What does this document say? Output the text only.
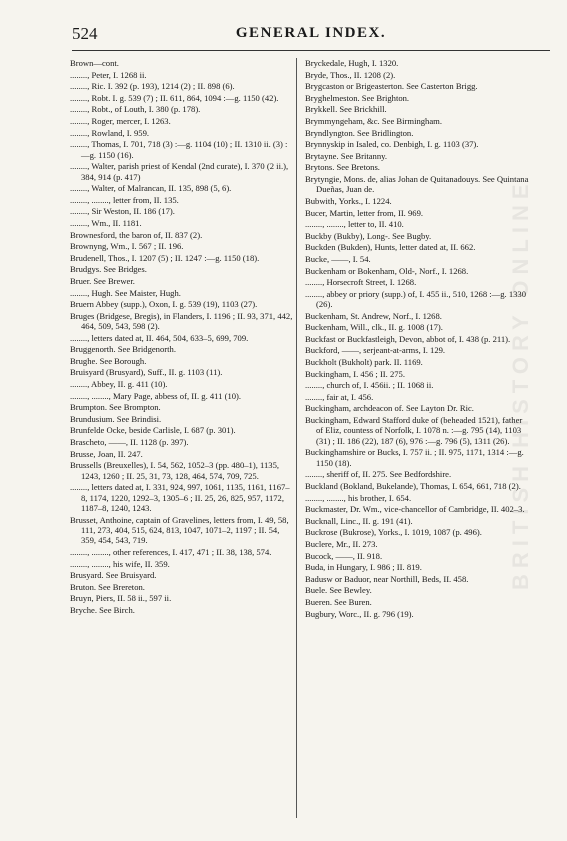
524	GENERAL INDEX.

Brown—cont.

........, Peter, I. 1268 ii.

........, Ric. I. 392 (p. 193), 1214 (2) ; II. 898 (6).

........, Robt. I. g. 539 (7) ; II. 611, 864, 1094 :—g. 1150 (42).

........, Robt., of Louth, I. 380 (p. 178).

........, Roger, mercer, I. 1263.

........, Rowland, I. 959.

........, Thomas, I. 701, 718 (3) :—g. 1104 (10) ; II. 1310 ii. (3) :—g. 1150 (16).

........, Walter, parish priest of Kendal (2nd curate), I. 370 (2 ii.), 384, 914 (p. 417)

........, Walter, of Malrancan, II. 135, 898 (5, 6).

........, ........, letter from, II. 135.

........, Sir Weston, II. 186 (17).

........, Wm., II. 1181.

Brownesford, the baron of, II. 837 (2).

Brownyng, Wm., I. 567 ; II. 196.

Brudenell, Thos., I. 1207 (5) ; II. 1247 :—g. 1150 (18).

Brudgys. See Bridges.

Bruer. See Brewer.

........, Hugh. See Maister, Hugh.

Bruern Abbey (supp.), Oxon, I. g. 539 (19), 1103 (27).

Bruges (Bridgese, Bregis), in Flanders, I. 1196 ; II. 93, 371, 442, 464, 509, 543, 598 (2).

........, letters dated at, II. 464, 504, 633–5, 699, 709.

Bruggenorth. See Bridgenorth.

Brughe. See Borough.

Bruisyard (Brusyard), Suff., II. g. 1103 (11).

........, Abbey, II. g. 411 (10).

........, ........, Mary Page, abbess of, II. g. 411 (10).

Brumpton. See Brompton.

Brundusium. See Brindisi.

Brunfelde Ocke, beside Carlisle, I. 687 (p. 301).

Brascheto, ——, II. 1128 (p. 397).

Brusse, Joan, II. 247.

Brussells (Breuxelles), I. 54, 562, 1052–3 (pp. 480–1), 1135, 1243, 1260 ; II. 25, 31, 73, 128, 464, 574, 709, 725.

........, letters dated at, I. 331, 924, 997, 1061, 1135, 1161, 1167–8, 1174, 1220, 1292–3, 1305–6 ; II. 25, 26, 825, 957, 1172, 1187–8, 1240, 1243.

Brusset, Anthoine, captain of Gravelines, letters from, I. 49, 58, 111, 273, 404, 515, 624, 813, 1047, 1071–2, 1197 ; II. 54, 359, 454, 543, 719.

........, ........, other references, I. 417, 471 ; II. 38, 138, 574.

........, ........, his wife, II. 359.

Brusyard. See Bruisyard.

Bruton. See Brereton.

Bruyn, Piers, II. 58 ii., 597 ii.

Bryche. See Birch.

Bryckedale, Hugh, I. 1320.

Bryde, Thos., II. 1208 (2).

Brygcaston or Brigeasterton. See Casterton Brigg.

Bryghelmeston. See Brighton.

Brykkell. See Brickhill.

Brymmyngeham, &c. See Birmingham.

Bryndlyngton. See Bridlington.

Brynnyskip in Isaled, co. Denbigh, I. g. 1103 (37).

Brytayne. See Britanny.

Brytons. See Bretons.

Brytyngie, Mons. de, alias Johan de Quitanadouys. See Quintana Dueñas, Juan de.

Bubwith, Yorks., I. 1224.

Bucer, Martin, letter from, II. 969.

........, ........, letter to, II. 410.

Buckby (Bukby), Long-. See Bugby.

Buckden (Bukden), Hunts, letter dated at, II. 662.

Bucke, ——, I. 54.

Buckenham or Bokenham, Old-, Norf., I. 1268.

........, Horsecroft Street, I. 1268.

........, abbey or priory (supp.) of, I. 455 ii., 510, 1268 :—g. 1330 (26).

Buckenham, St. Andrew, Norf., I. 1268.

Buckenham, Will., clk., II. g. 1008 (17).

Buckfast or Buckfastleigh, Devon, abbot of, I. 438 (p. 211).

Buckford, ——, serjeant-at-arms, I. 129.

Buckholt (Bukholt) park. II. 1169.

Buckingham, I. 456 ; II. 275.

........, church of, I. 456ii. ; II. 1068 ii.

........, fair at, I. 456.

Buckingham, archdeacon of. See Layton Dr. Ric.

Buckingham, Edward Stafford duke of (beheaded 1521), father of Eliz, countess of Norfolk, I. 1078 n. :—g. 795 (14), 1103 (31) ; II. 186 (22), 187 (6), 976 :—g. 796 (5), 1311 (26).

Buckinghamshire or Bucks, I. 757 ii. ; II. 975, 1171, 1314 :—g. 1150 (18).

........, sheriff of, II. 275. See Bedfordshire.

Buckland (Bokland, Bukelande), Thomas, I. 654, 661, 718 (2).

........, ........, his brother, I. 654.

Buckmaster, Dr. Wm., vice-chancellor of Cambridge, II. 402–3.

Bucknall, Linc., II. g. 191 (41).

Buckrose (Bukrose), Yorks., I. 1019, 1087 (p. 496).

Buclere, Mr., II. 273.

Bucock, ——, II. 918.

Buda, in Hungary, I. 986 ; II. 819.

Badusw or Baduor, near Northill, Beds, II. 458.

Buele. See Bewley.

Bueren. See Buren.

Bugbury, Worc., II. g. 796 (19).

BRITISH HISTORY ONLINE
